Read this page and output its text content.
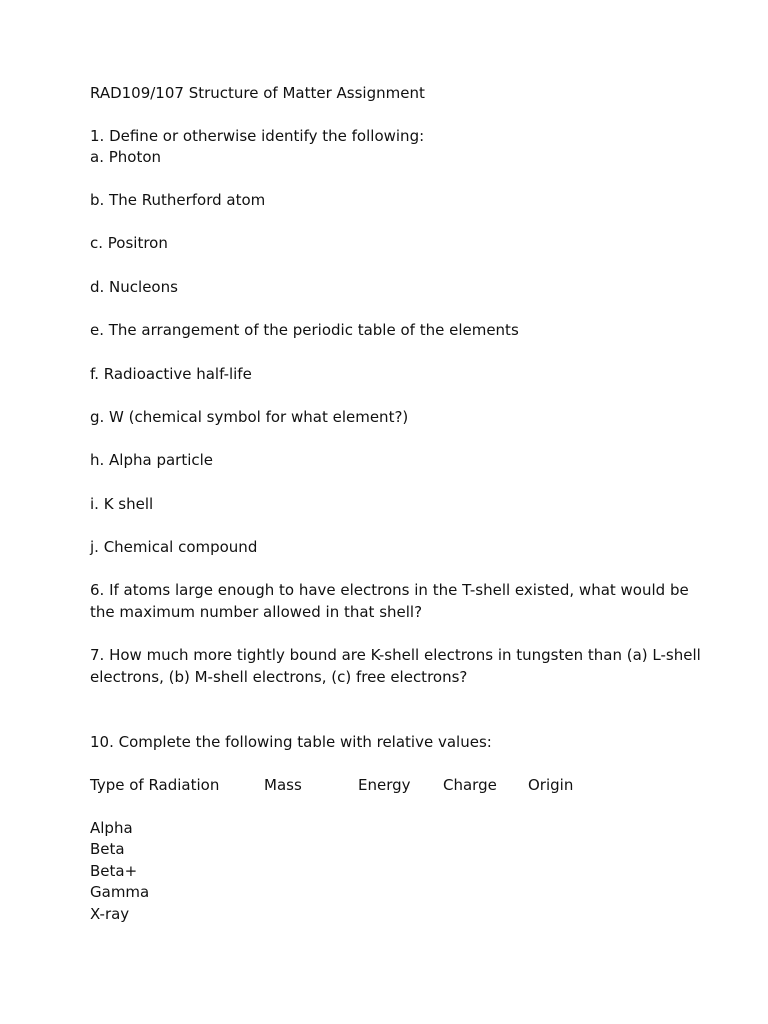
RAD109/107 Structure of Matter Assignment
1. Define or otherwise identify the following:
a. Photon
b. The Rutherford atom
c. Positron
d. Nucleons
e. The arrangement of the periodic table of the elements
f. Radioactive half-life
g. W (chemical symbol for what element?)
h. Alpha particle
i. K shell
j. Chemical compound
6. If atoms large enough to have electrons in the T-shell existed, what would be
the maximum number allowed in that shell?
7. How much more tightly bound are K-shell electrons in tungsten than (a) L-shell
electrons, (b) M-shell electrons, (c) free electrons?
10. Complete the following table with relative values:
Type of Radiation	Mass	Energy Charge Origin
Alpha
Beta
Beta+
Gamma
X-ray
